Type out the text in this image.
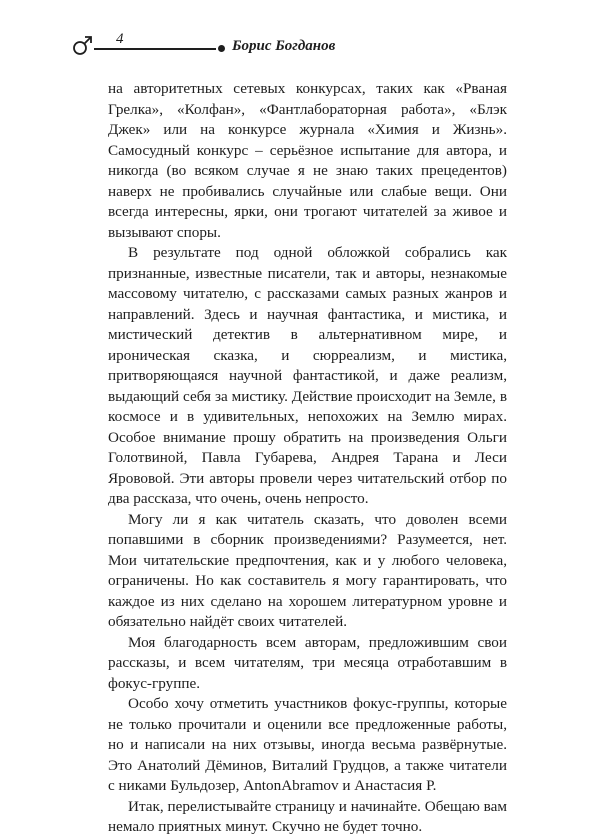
4	Борис Богданов

на авторитетных сетевых конкурсах, таких как «Рваная Грелка», «Колфан», «Фантлабораторная работа», «Блэк Джек» или на конкурсе журнала «Химия и Жизнь». Самосудный конкурс – серьёзное испытание для автора, и никогда (во всяком случае я не знаю таких прецедентов) наверх не пробивались случайные или слабые вещи. Они всегда интересны, ярки, они трогают читателей за живое и вызывают споры.

В результате под одной обложкой собрались как признанные, известные писатели, так и авторы, незнакомые массовому читателю, с рассказами самых разных жанров и направлений. Здесь и научная фантастика, и мистика, и мистический детектив в альтернативном мире, и ироническая сказка, и сюрреализм, и мистика, притворяющаяся научной фантастикой, и даже реализм, выдающий себя за мистику. Действие происходит на Земле, в космосе и в удивительных, непохожих на Землю мирах. Особое внимание прошу обратить на произведения Ольги Голотвиной, Павла Губарева, Андрея Тарана и Леси Ярововой. Эти авторы провели через читательский отбор по два рассказа, что очень, очень непросто.

Могу ли я как читатель сказать, что доволен всеми попавшими в сборник произведениями? Разумеется, нет. Мои читательские предпочтения, как и у любого человека, ограничены. Но как составитель я могу гарантировать, что каждое из них сделано на хорошем литературном уровне и обязательно найдёт своих читателей.

Моя благодарность всем авторам, предложившим свои рассказы, и всем читателям, три месяца отработавшим в фокус-группе.

Особо хочу отметить участников фокус-группы, которые не только прочитали и оценили все предложенные работы, но и написали на них отзывы, иногда весьма развёрнутые. Это Анатолий Дёминов, Виталий Грудцов, а также читатели с никами Бульдозер, AntonAbramov и Анастасия Р.

Итак, перелистывайте страницу и начинайте. Обещаю вам немало приятных минут. Скучно не будет точно.
